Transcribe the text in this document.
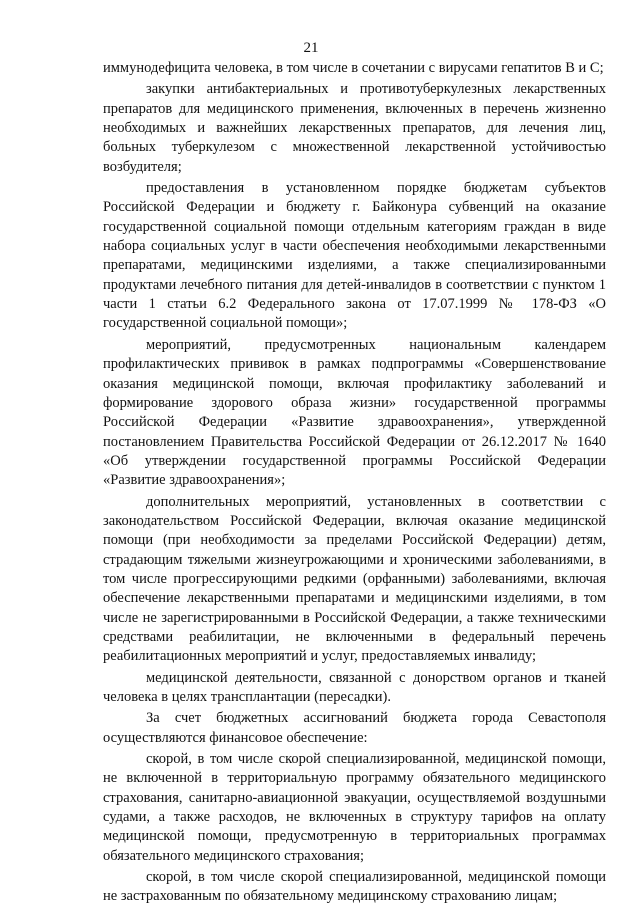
21

иммунодефицита человека, в том числе в сочетании с вирусами гепатитов В и С;

закупки антибактериальных и противотуберкулезных лекарственных препаратов для медицинского применения, включенных в перечень жизненно необходимых и важнейших лекарственных препаратов, для лечения лиц, больных туберкулезом с множественной лекарственной устойчивостью возбудителя;

предоставления в установленном порядке бюджетам субъектов Российской Федерации и бюджету г. Байконура субвенций на оказание государственной социальной помощи отдельным категориям граждан в виде набора социальных услуг в части обеспечения необходимыми лекарственными препаратами, медицинскими изделиями, а также специализированными продуктами лечебного питания для детей-инвалидов в соответствии с пунктом 1 части 1 статьи 6.2 Федерального закона от 17.07.1999 № 178-ФЗ «О государственной социальной помощи»;

мероприятий, предусмотренных национальным календарем профилактических прививок в рамках подпрограммы «Совершенствование оказания медицинской помощи, включая профилактику заболеваний и формирование здорового образа жизни» государственной программы Российской Федерации «Развитие здравоохранения», утвержденной постановлением Правительства Российской Федерации от 26.12.2017 № 1640 «Об утверждении государственной программы Российской Федерации «Развитие здравоохранения»;

дополнительных мероприятий, установленных в соответствии с законодательством Российской Федерации, включая оказание медицинской помощи (при необходимости за пределами Российской Федерации) детям, страдающим тяжелыми жизнеугрожающими и хроническими заболеваниями, в том числе прогрессирующими редкими (орфанными) заболеваниями, включая обеспечение лекарственными препаратами и медицинскими изделиями, в том числе не зарегистрированными в Российской Федерации, а также техническими средствами реабилитации, не включенными в федеральный перечень реабилитационных мероприятий и услуг, предоставляемых инвалиду;

медицинской деятельности, связанной с донорством органов и тканей человека в целях трансплантации (пересадки).

За счет бюджетных ассигнований бюджета города Севастополя осуществляются финансовое обеспечение:

скорой, в том числе скорой специализированной, медицинской помощи, не включенной в территориальную программу обязательного медицинского страхования, санитарно-авиационной эвакуации, осуществляемой воздушными судами, а также расходов, не включенных в структуру тарифов на оплату медицинской помощи, предусмотренную в территориальных программах обязательного медицинского страхования;

скорой, в том числе скорой специализированной, медицинской помощи не застрахованным по обязательному медицинскому страхованию лицам;
